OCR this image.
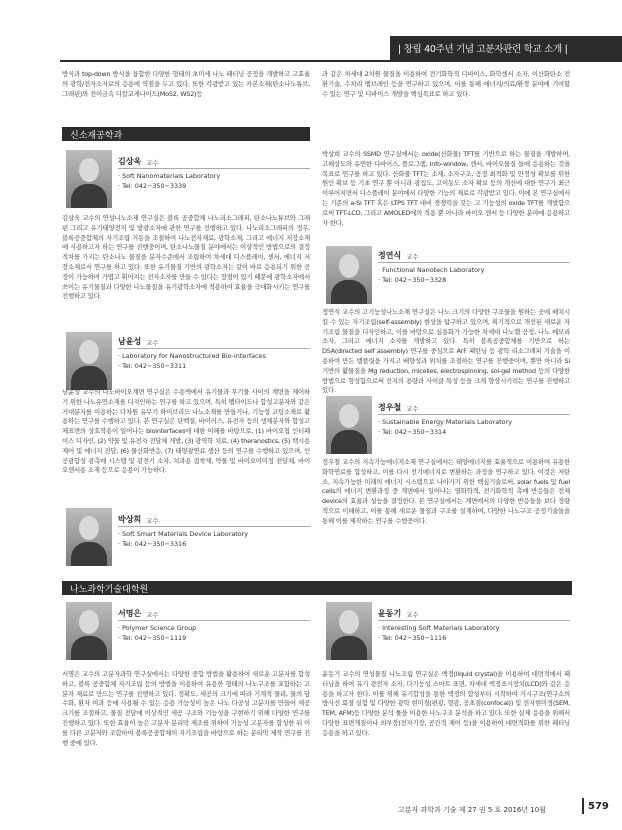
| 창립 40주년 기념 고분자관련 학교 소개 |
방식과 top-down 방식을 융합한 다양한 형태의 초미세 나노 패터닝 공정을 개발하고 고효율의 광학/전자소자로의 응용에 역점을 두고 있다. 또한 각광받고 있는 카본소재(탄소나노튜브, 그래핀)와 전이금속 디칼코게나이드(MoS2, WS2)등
과 같은 차세대 2차원 물질을 이용하여 전기화학적 디바이스, 화학센서 소자, 이산화탄소 전환기술, 수처리 멤브레인 등을 연구하고 있으며, 이를 통해 에너지/의료/환경 분야에 기여할 수 있는 연구 및 디바이스 개발을 핵심목표로 하고 있다.
신소재공학과
김상욱 교수
· Soft Nanomaterials Laboratory
· Tel: 042−350−3339
김상욱 교수의 연성나노소재 연구실은 블록 공중합체 나노리소그래피, 탄소나노튜브와 그래핀 그리고 유기태양전지 및 발광소자에 관한 연구를 진행하고 있다. 나노리소그래피의 경우, 블록공중합체의 자기조립 거동을 조절하여 나노전자재료, 광학소재, 그리고 에너지 저장소재에 사용하고자 하는 연구를 진행중이며, 탄소나노물질 분야에서는 이상적인 방법으로의 결정적차를 가지는 탄소나노 물질을 분자수준에서 조립하여 차세대 디스플레이, 센서, 에너지 저장소재로서 연구를 하고 있다. 또한 유기물질 기반의 광학소자는 같이 바로 응용되기 위한 공정이 가능하며 가볍고 휘어지는 전자소자를 만들 수 있다는 장점이 있기 때문에 광학소자에서 쓰이는 유기물질과 다양한 나노물질을 유기광학소자에 적용하여 효율을 극대화시키는 연구를 진행하고 있다.
남윤성 교수
· Laboratory for Nanostructured Bio-interfaces
· Tel: 042−350−3311
남윤성 교수의 나노바이오계면 연구실은 수용액에서 유기물과 무기물 사이의 계면을 제어하기 위한 나노유연소재를 디자인하는 연구를 하고 있으며, 특히 펩타이드나 합성고분자와 같은 거대분자를 이용하는 다차원 유무기 하이브리드 나노소재를 만들거나, 기능성 코팅소재로 활용하는 연구를 수행하고 있다. 본 연구실은 단백질, 바이러스, 유전자 등의 생체분자와 합성고체표면의 상호작용이 일어나는 biointerfaces에 대한 이해를 바탕으로, (1) 바이오칩 인터페이스 디자인, (2) 약물 및 유전자 전달체 개발, (3) 광역학 치료, (4) theranostics, (5) 백시용 제어 및 에너지 전달, (6) 물산화반응, (7) 태양광연료 생산 등의 연구를 수행하고 있으며, 인공광합성 광촉매 시스템 및 광전기 소자, 치과용 접착제, 약물 및 바이오이미징 전달체, 바이오센서용 소재 등으로 응용이 가능하다.
박상희 교수
· Soft Smart Materials Device Laboratory
· Tel: 042−350−3316
박상희 교수의 SSMD 연구실에서는 oxide(산화물) TFT를 기반으로 하는 물질을 개발하며, 고해상도와 유연한 디바이스, 플로그램, info-window, 센서, 바이오물질 들에 응용하는 것을 목표로 연구를 하고 있다. 산화물 TFT는 소재, 소자구조, 공정 최적화 및 안정성 확보를 위한 원인 확보 등 기초 연구 뿐 아니라 광집도, 고이동도 소자 확보 등의 개선에 대한 연구가 최근 이루어지면서 디스플레이 분야에서 다양한 기능의 재료로 각광받고 있다. 이에 본 연구실에서는 기존의 a-Si TFT 혹은 LTPS TFT 대비 경쟁력을 갖는 고 기능성의 oxide TFT를 개발함으로써 TFT-LCD, 그리고 AMOLED에의 적용 뿐 아니라 바이오 센서 등 다양한 분야에 응용하고자 한다.
정연식 교수
· Functional Nanotech Laboratory
· Tel: 042−350−3328
정연식 교수의 고기능성나노소재 연구실은 나노 크기의 다양한 구조물을 원하는 곳에 배치시킬 수 있는 자기조립(self-assembly) 현상을 탐구하고 있으며, 획기적으로 개선된 새로운 자기조립 물질을 디자인하고, 이를 바탕으로 실용화가 가능한 차세대 나노랩 공정, 나노 메모리 소자, 그리고 에너지 소자를 개발하고 있다. 특히 블록공중합체를 기반으로 하는 DSA(directed self assembly) 연구를 중심으로 ArF 패턴닝 등 광학 리소그래피 기술을 이용하여 만든 템플릿을 가지고 배향성과 위치를 조절하는 연구를 진행중이며, 뿐만 아니라 Si 기반의 활물질을 Mg reduction, micelles, electrospinning, sol-gel method 등의 다양한 방법으로 형성함으로써 전지의 용량과 사이클 특성 등을 크게 향상시키려는 연구를 진행하고 있다.
정우철 교수
· Sustainable Energy Materials Laboratory
· Tel: 042−350−3314
정우철 교수의 지속가능에너지소재 연구실에서는 태양에너지를 효율적으로 이용하여 유용한 화학연료를 합성하고, 이를 다시 전기에너지로 변환하는 과정을 연구하고 있다. 이것은 저탄소, 지속가능한 미래의 에너지 시스템으로 나아가기 위한 핵심기술로써, solar fuels 및 fuel cells의 에너지 변환과정 중 계면에서 일어나는 열화학적, 전기화학적 촉매 반응들은 전체 device의 효율과 성능을 결정한다. 본 연구실에서는 계면에서의 다양한 반응들을 보다 정량적으로 이해하고, 이를 통해 새로운 물질과 구조를 설계하여, 다양한 나노구조 공정기술들을 통해 이를 제작하는 연구를 수행중이다.
나노과학기술대학원
서명은 교수
· Polymer Science Group
· Tel: 042−350−1119
서명은 교수의 고분자과학 연구실에서는 다양한 중합 방법을 활용하여 새로운 고분자를 합성하고, 블록 공중합체 자기조립 등의 방법을 이용하여 유용한 형태의 나노구조를 포함하는 고분자 재료로 만드는 연구를 진행하고 있다. 정확도, 세공의 크기에 따라 기계적 물리, 물의 담수화, 환자 여과 등에 사용될 수 있는 응용 가능성이 높은 나노 다공성 고분자를 만들어 세공 크기를 조절하고, 물질 전달에 이상적인 세공 구조와 기능성을 구현하기 위해 다양한 연구를 진행하고 있다. 또한 효율이 높은 고분자 분리막 제조를 위하여 기능성 고분자를 합성한 뒤 이를 다른 고분자와 조합하여 블록공중합체의 자기조립을 바탕으로 하는 분리막 제작 연구를 진행 중에 있다.
윤동기 교수
· Interesting Soft Materials Laboratory
· Tel: 042−350−1116
윤동기 교수의 연성물질 나노조립 연구실은 액정(liquid crystal)을 이용하여 대면적에서 패터닝을 하여 유기 광전자 소자, 다기능성 스마트 표면, 차세대 액정표시장치(LCD)와 같은 응용을 하고자 한다. 이를 위해 유기합성을 통한 액정의 합성부터 시작하여 거시구조(연구소의 방사선 회절 실험 및 다양한 광학 현미경(편광, 형광, 공초점(confocal)) 및 전자현미경(SEM, TEM, AFM)등 다양한 분석 툴을 이용한 나노구조 분석을 하고 있다. 또한 실제 응용을 위해서 다양한 표면개질이나 외부장(전자기장, 공간적 제어 등)을 이용하여 대면적화를 위한 패터닝 응용을 하고 있다.
고분자 과학과 기술 제 27 권 5 호 2016년 10월	579
